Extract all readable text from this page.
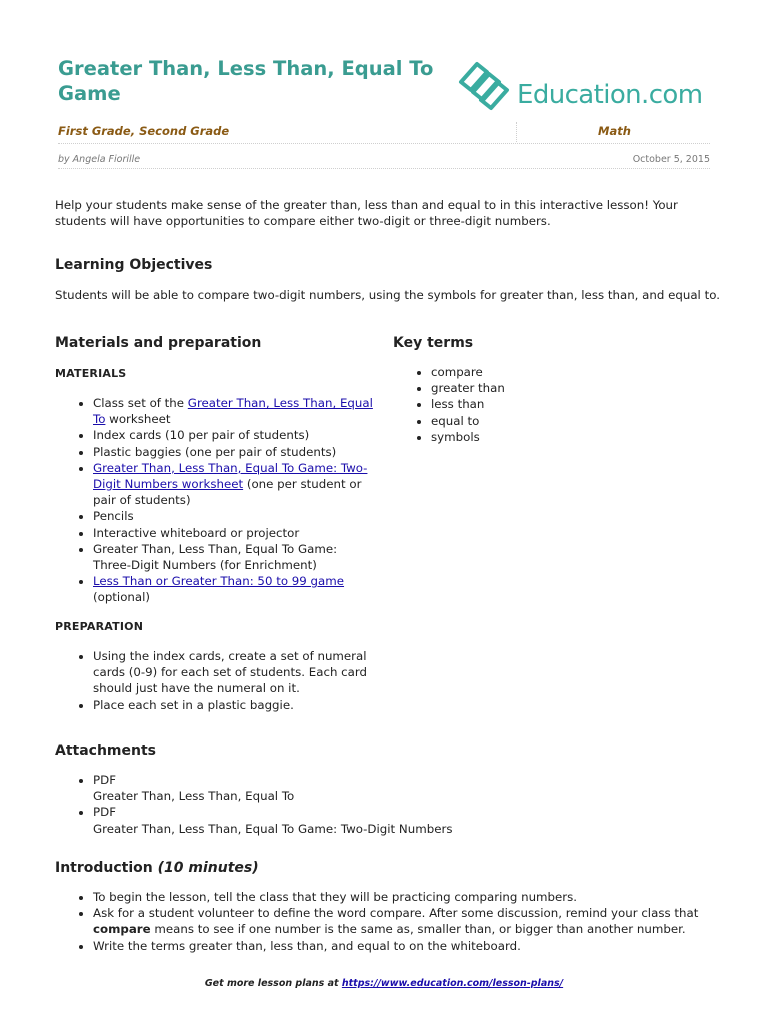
Greater Than, Less Than, Equal To
Game	Education.com
First Grade, Second Grade	Math
by Angela Fiorille	October 5, 2015
Help your students make sense of the greater than, less than and equal to in this interactive lesson! Your
students will have opportunities to compare either two-digit or three-digit numbers.
Learning Objectives
Students will be able to compare two-digit numbers, using the symbols for greater than, less than, and equal to.
Materials and preparation
MATERIALS
• Class set of the Greater Than, Less Than, Equal
To worksheet
• Index cards (10 per pair of students)
• Plastic baggies (one per pair of students)
• Greater Than, Less Than, Equal To Game: Two-
Digit Numbers worksheet (one per student or
pair of students)
• Pencils
• Interactive whiteboard or projector
• Greater Than, Less Than, Equal To Game:
Three-Digit Numbers (for Enrichment)
• Less Than or Greater Than: 50 to 99 game
(optional)
PREPARATION
• Using the index cards, create a set of numeral
cards (0-9) for each set of students. Each card
should just have the numeral on it.
• Place each set in a plastic baggie.
Key terms
• compare
• greater than
• less than
• equal to
• symbols
Attachments
• PDF
Greater Than, Less Than, Equal To
• PDF
Greater Than, Less Than, Equal To Game: Two-Digit Numbers
Introduction (10 minutes)
• To begin the lesson, tell the class that they will be practicing comparing numbers.
• Ask for a student volunteer to define the word compare. After some discussion, remind your class that
compare means to see if one number is the same as, smaller than, or bigger than another number.
• Write the terms greater than, less than, and equal to on the whiteboard.
Get more lesson plans at https://www.education.com/lesson-plans/
